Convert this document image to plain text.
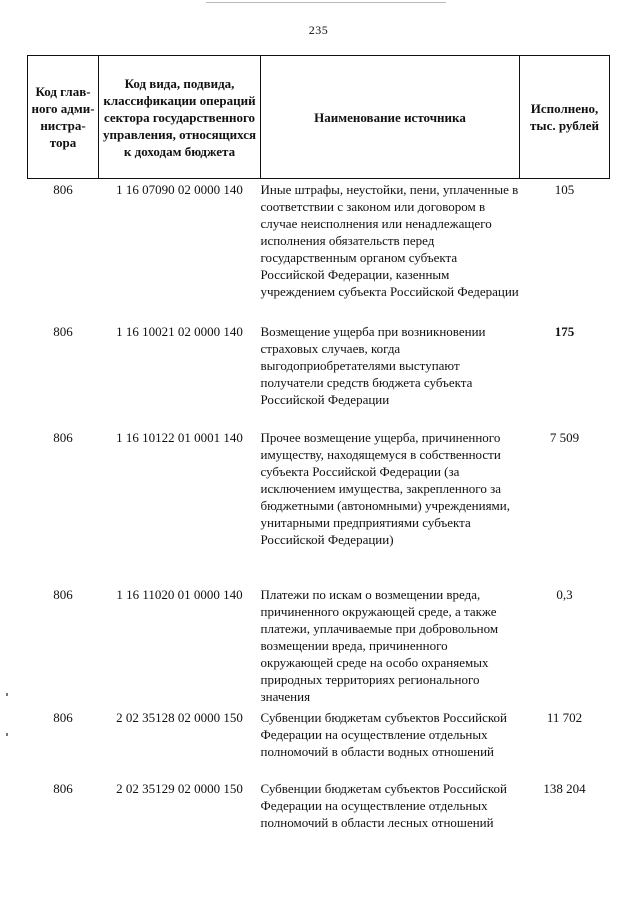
235
Код глав-ного адми-нистра-тора	Код вида, подвида, классификации операций сектора государственного управления, относящихся к доходам бюджета	Наименование источника	Исполнено, тыс. рублей
806	1 16 07090 02 0000 140	Иные штрафы, неустойки, пени, уплаченные в соответствии с законом или договором в случае неисполнения или ненадлежащего исполнения обязательств перед государственным органом субъекта Российской Федерации, казенным учреждением субъекта Российской Федерации	105
806	1 16 10021 02 0000 140	Возмещение ущерба при возникновении страховых случаев, когда выгодоприобретателями выступают получатели средств бюджета субъекта Российской Федерации	175
806	1 16 10122 01 0001 140	Прочее возмещение ущерба, причиненного имуществу, находящемуся в собственности субъекта Российской Федерации (за исключением имущества, закрепленного за бюджетными (автономными) учреждениями, унитарными предприятиями субъекта Российской Федерации)	7 509
806	1 16 11020 01 0000 140	Платежи по искам о возмещении вреда, причиненного окружающей среде, а также платежи, уплачиваемые при добровольном возмещении вреда, причиненного окружающей среде на особо охраняемых природных территориях регионального значения	0,3
806	2 02 35128 02 0000 150	Субвенции бюджетам субъектов Российской Федерации на осуществление отдельных полномочий в области водных отношений	11 702
806	2 02 35129 02 0000 150	Субвенции бюджетам субъектов Российской Федерации на осуществление отдельных полномочий в области лесных отношений	138 204
